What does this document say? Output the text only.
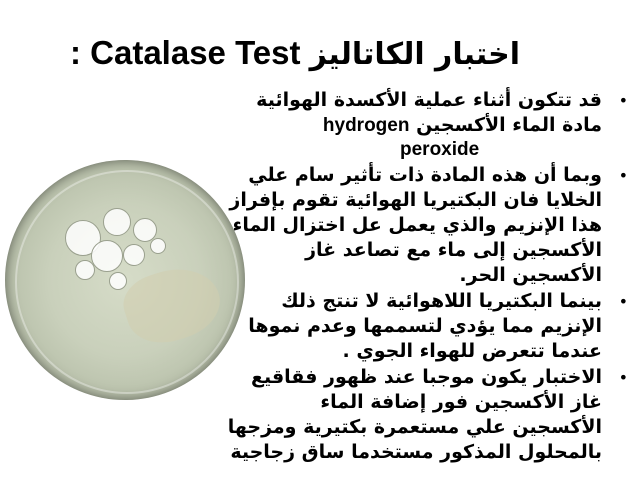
: Catalase Test اختبار الكاتاليز
•
قد تتكون أثناء عملية الأكسدة الهوائية
مادة الماء الأكسجين hydrogen
peroxide
•
وبما أن هذه المادة ذات تأثير سام علي
الخلايا فان البكتيريا الهوائية تقوم بإفراز
هذا الإنزيم والذي يعمل عل اختزال الماء
الأكسجين إلى ماء مع تصاعد غاز
الأكسجين الحر.
•
بينما البكتيريا اللاهوائية لا تنتج ذلك
الإنزيم مما يؤدي لتسممها وعدم نموها
عندما تتعرض للهواء الجوي .
•
الاختبار يكون موجبا عند ظهور فقاقيع
غاز الأكسجين فور إضافة الماء
الأكسجين علي مستعمرة بكتيرية ومزجها
بالمحلول المذكور مستخدما ساق زجاجية
